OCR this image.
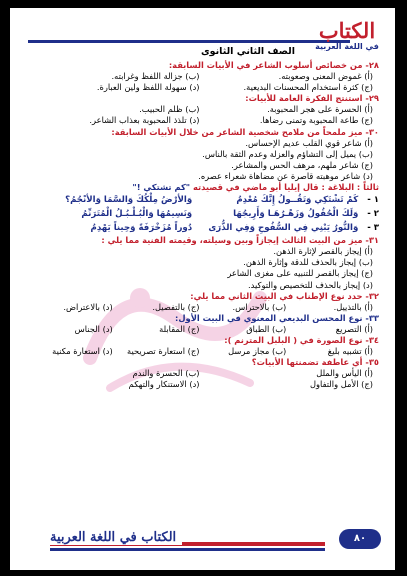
الكتاب
في اللغة العربية
الصف الثاني الثانوى
٢٨- من خصائص أسلوب الشاعر في الأبيات السابقة:
(أ) غموض المعنى وصعوبته.
(ب) جزالة اللفظ وغرابته.
(ج) كثرة استخدام المحسنات البديعية.
(د) سهولة اللفظ ولين العبارة.
٢٩- استنتج الفكرة العامة للأبيات:
(أ) الحسرة على هجر المحبوبة.
(ب) ظلم الحبيب.
(ج) طاعة المحبوبة وتمنى رضاها.
(د) تلذذ المحبوبة بعذاب الشاعر.
٣٠- ميز ملمحاً من ملامح شخصية الشاعر من خلال الأبيات السابقة:
(أ) شاعر قوي القلب عديم الإحساس.
(ب) يميل إلى التشاؤم والعزلة وعدم الثقة بالناس.
(ج) شاعر ملهم، مرهف الحس والمشاعر.
(د) شاعر موهبته قاصرة عن مضاهاة شعراء عصره.
ثالثاً : البلاغة : قال إيليا أبو ماضي في قصيدته "كم تشتكي !"
١ -
كَمْ تَشْتَكِي وَتَقُــولُ إِنَّكَ مُعْدِمُ
وَالأرْضُ مِلْكُكَ وَالسَّمَا وَالأنْجُمُ؟
٢ -
وَلَكَ الْحُقُولُ وَزَهْـرُهَـا وَأَرِيجُهَا
وَنَسِيمُهَا وَالْبُـلْـبُـلُ الْمُتَرَنِّمُ
٣ -
وَالنُّورُ يَبْنِي فِي السُّفُوحِ وَفِي الذُّرَى
دُوراً مُزَخْرَفَةً وَحِيناً يَهْدِمُ
٣١- ميز من البيت الثالث إيجازاً وبين وسيلته، وقيمته الفنية مما يلي :
(أ) إيجاز بالقصر لإثارة الذهن.
(ب) إيجاز بالحذف للدقة وإثارة الذهن.
(ج) إيجاز بالقصر للتنبيه على مغزى الشاعر
(د) إيجاز بالحذف للتخصيص والتوكيد.
٣٢- حدد نوع الإطناب في البيت الثاني مما يلي:
(أ) بالتذييل.
(ب) بالاحتراس.
(ج) بالتفصيل.
(د) بالاعتراض.
٣٣- نوع المحسن البديعي المعنوي في البيت الأول:
(أ) التصريع
(ب) الطباق
(ج) المقابلة
(د) الجناس
٣٤- نوع الصورة في ( البلبل المترنم ):
(أ) تشبيه بليغ
(ب) مجاز مرسل
(ج) استعارة تصريحية
(د) استعارة مكنية
٣٥- أي عاطفة تضمنتها الأبيات؟
(أ) اليأس والملل
(ب) الحسرة والندم
(ج) الأمل والتفاول
(د) الاستنكار والتهكم
الكتاب في اللغة العربية	٨٠
